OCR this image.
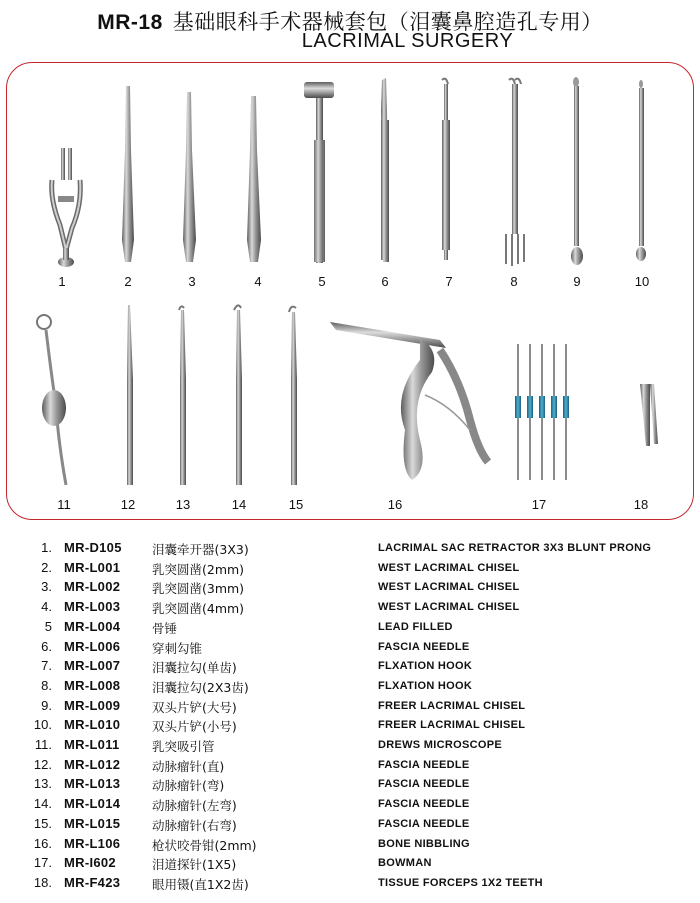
MR-18 基础眼科手术器械套包（泪囊鼻腔造孔专用）
LACRIMAL SURGERY
1	2	3	4	5	6	7	8	9	10
11	12	13	14	15	16	17	18
1. MR-D105 泪囊牵开器(3X3)	LACRIMAL SAC RETRACTOR 3X3 BLUNT PRONG
2. MR-L001	乳突圆凿(2mm)	WEST LACRIMAL CHISEL
3. MR-L002	乳突圆凿(3mm)	WEST LACRIMAL CHISEL
4. MR-L003	乳突圆凿(4mm)	WEST LACRIMAL CHISEL
5 MR-L004	骨锤	LEAD FILLED
6. MR-L006	穿刺勾锥	FASCIA NEEDLE
7. MR-L007	泪囊拉勾(单齿)	FLXATION HOOK
8. MR-L008	泪囊拉勾(2X3齿)	FLXATION HOOK
9. MR-L009	双头片铲(大号)	FREER LACRIMAL CHISEL
10. MR-L010	双头片铲(小号)	FREER LACRIMAL CHISEL
11. MR-L011	乳突吸引管	DREWS MICROSCOPE
12. MR-L012	动脉瘤针(直)	FASCIA NEEDLE
13. MR-L013	动脉瘤针(弯)	FASCIA NEEDLE
14. MR-L014	动脉瘤针(左弯)	FASCIA NEEDLE
15. MR-L015	动脉瘤针(右弯)	FASCIA NEEDLE
16. MR-L106	枪状咬骨钳(2mm)	BONE NIBBLING
17. MR-I602	泪道探针(1X5)	BOWMAN
18. MR-F423	眼用镊(直1X2齿)	TISSUE FORCEPS 1X2 TEETH
